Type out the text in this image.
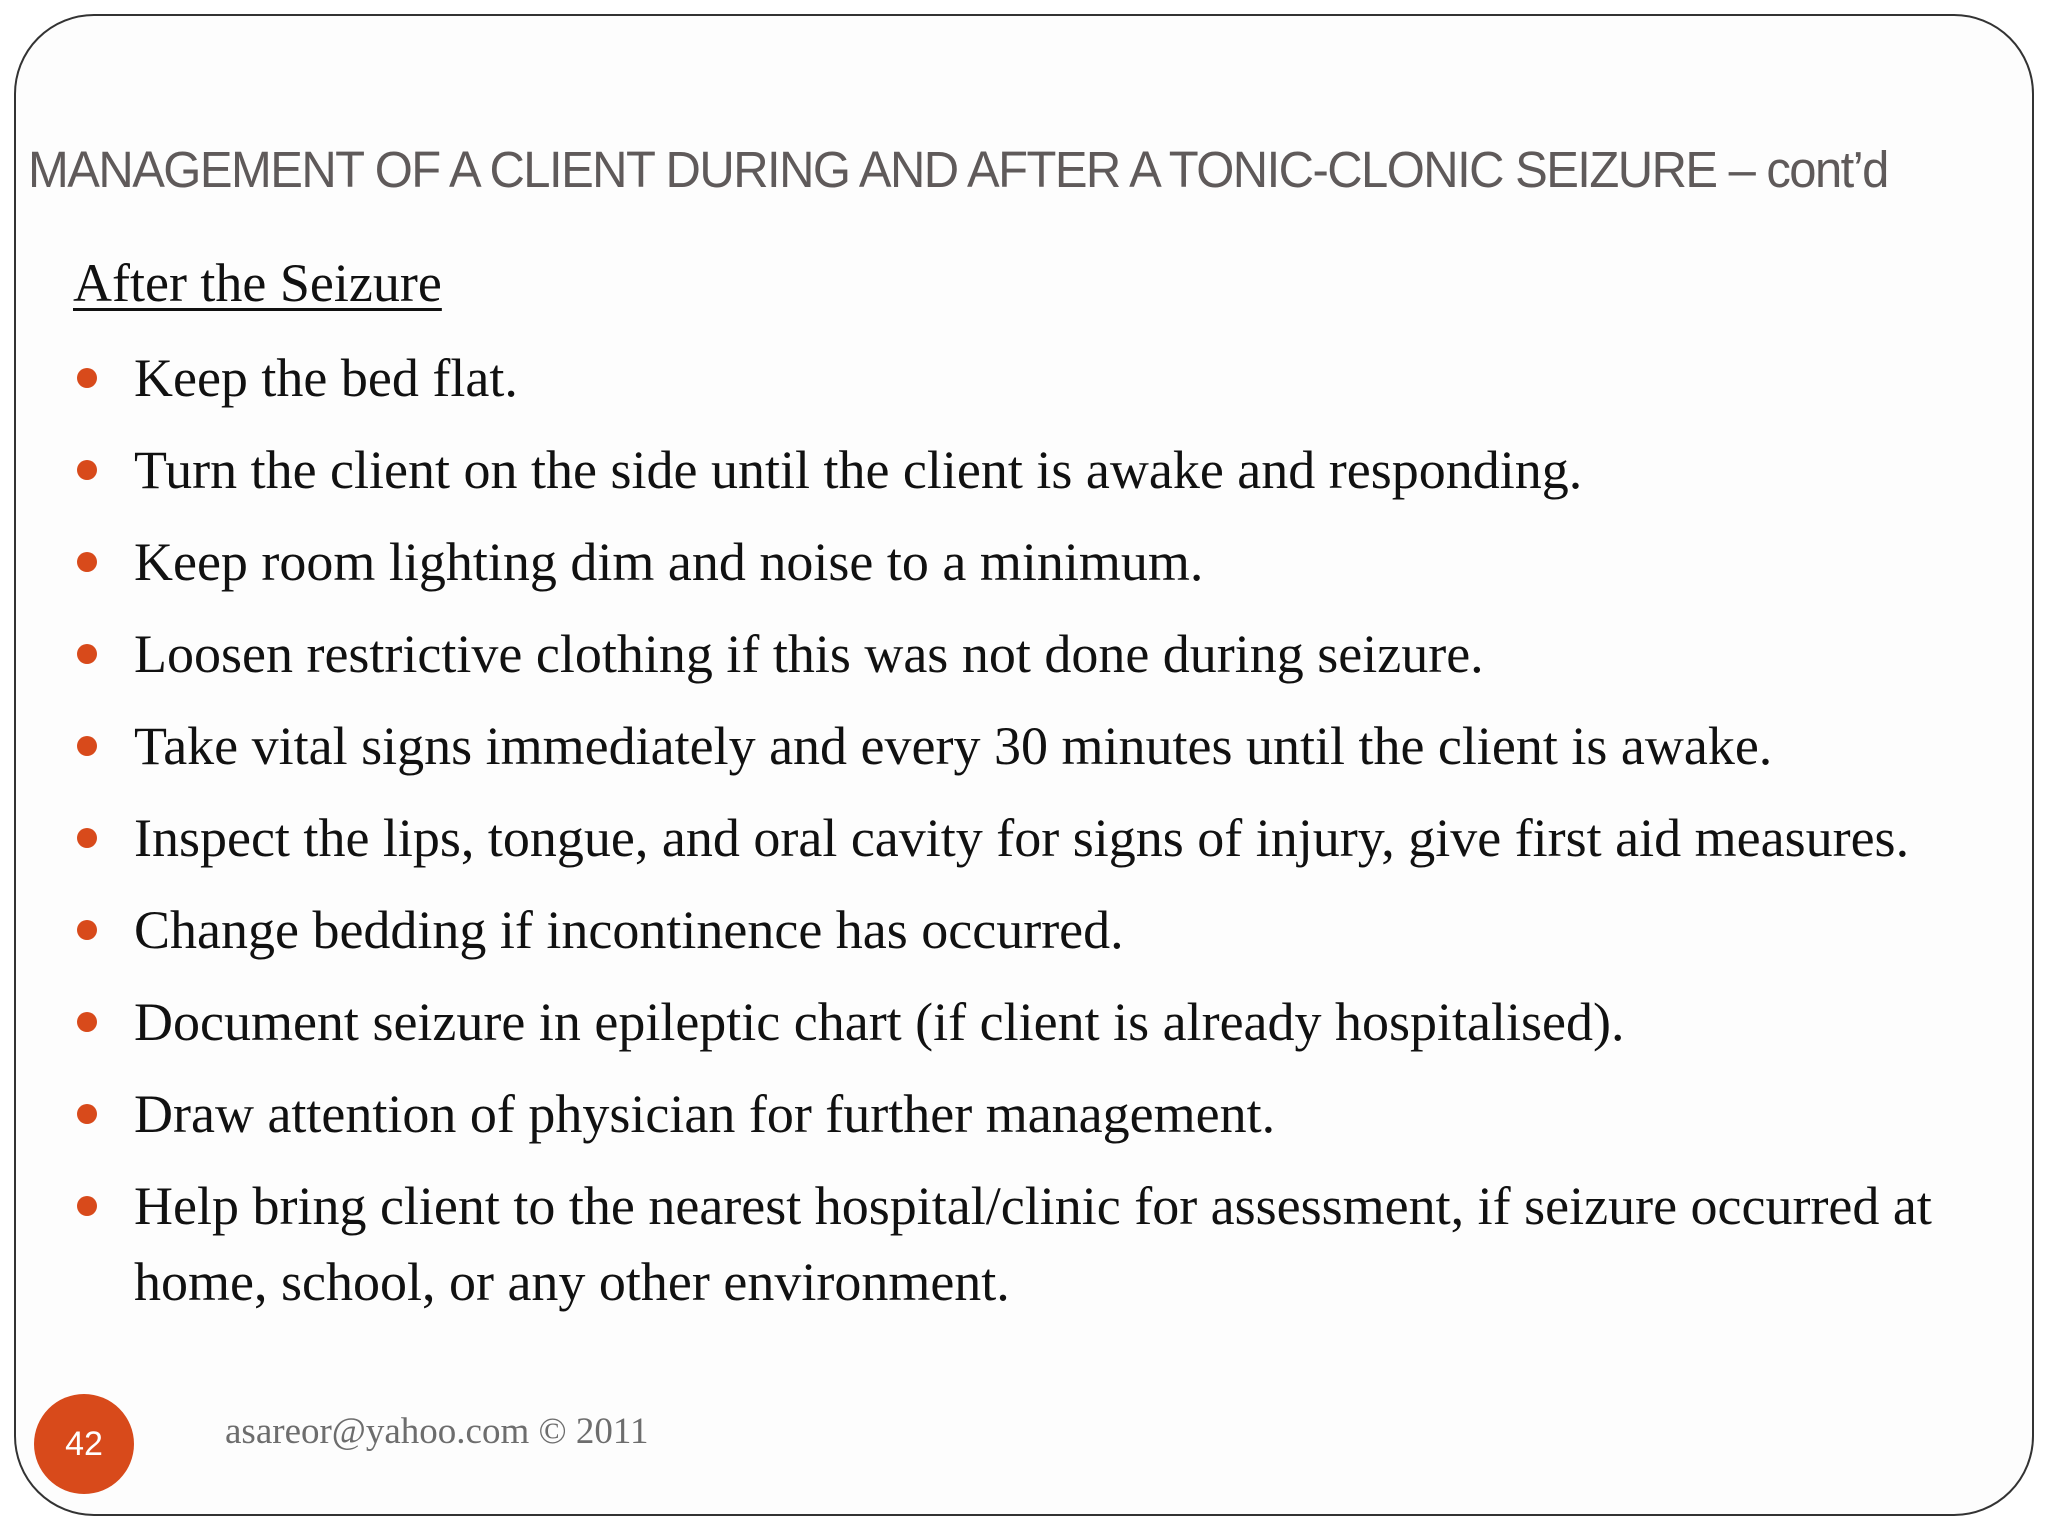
MANAGEMENT OF A CLIENT DURING AND AFTER A TONIC-CLONIC SEIZURE – cont’d
After the Seizure
Keep the bed flat.
Turn the client on the side until the client is awake and responding.
Keep room lighting dim and noise to a minimum.
Loosen restrictive clothing if this was not done during seizure.
Take vital signs immediately and every 30 minutes until the client is awake.
Inspect the lips, tongue, and oral cavity for signs of injury, give first aid measures.
Change bedding if incontinence has occurred.
Document seizure in epileptic chart (if client is already hospitalised).
Draw attention of physician for further management.
Help bring client to the nearest hospital/clinic for assessment, if seizure occurred at home, school, or any other environment.
42	asareor@yahoo.com © 2011
